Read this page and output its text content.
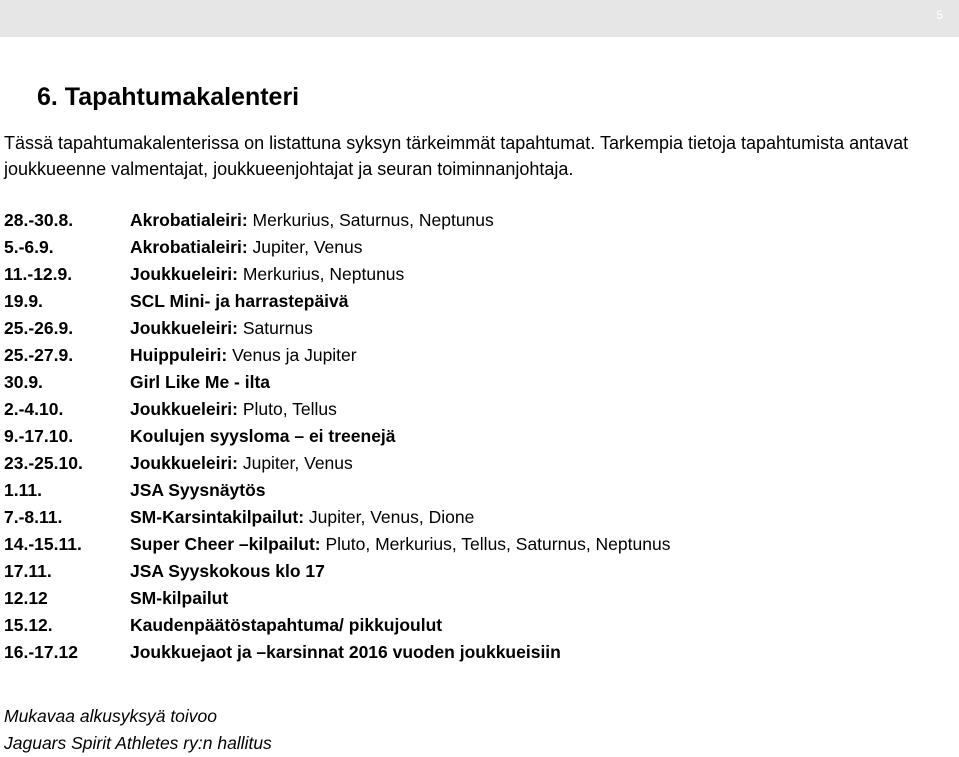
5
6. Tapahtumakalenteri

Tässä tapahtumakalenterissa on listattuna syksyn tärkeimmät tapahtumat. Tarkempia tietoja tapahtumista antavat joukkueenne valmentajat, joukkueenjohtajat ja seuran toiminnanjohtaja.

28.-30.8.	Akrobatialeiri: Merkurius, Saturnus, Neptunus
5.-6.9.	Akrobatialeiri: Jupiter, Venus
11.-12.9.	Joukkueleiri: Merkurius, Neptunus
19.9.	SCL Mini- ja harrastepäivä
25.-26.9.	Joukkueleiri: Saturnus
25.-27.9.	Huippuleiri: Venus ja Jupiter
30.9.	Girl Like Me - ilta
2.-4.10.	Joukkueleiri: Pluto, Tellus
9.-17.10.	Koulujen syysloma – ei treenejä
23.-25.10.	Joukkueleiri: Jupiter, Venus
1.11.	JSA Syysnäytös
7.-8.11.	SM-Karsintakilpailut: Jupiter, Venus, Dione
14.-15.11.	Super Cheer –kilpailut: Pluto, Merkurius, Tellus, Saturnus, Neptunus
17.11.	JSA Syyskokous klo 17
12.12	SM-kilpailut
15.12.	Kaudenpäätöstapahtuma/ pikkujoulut
16.-17.12	Joukkuejaot ja –karsinnat 2016 vuoden joukkueisiin
Mukavaa alkusyksyä toivoo
Jaguars Spirit Athletes ry:n hallitus
